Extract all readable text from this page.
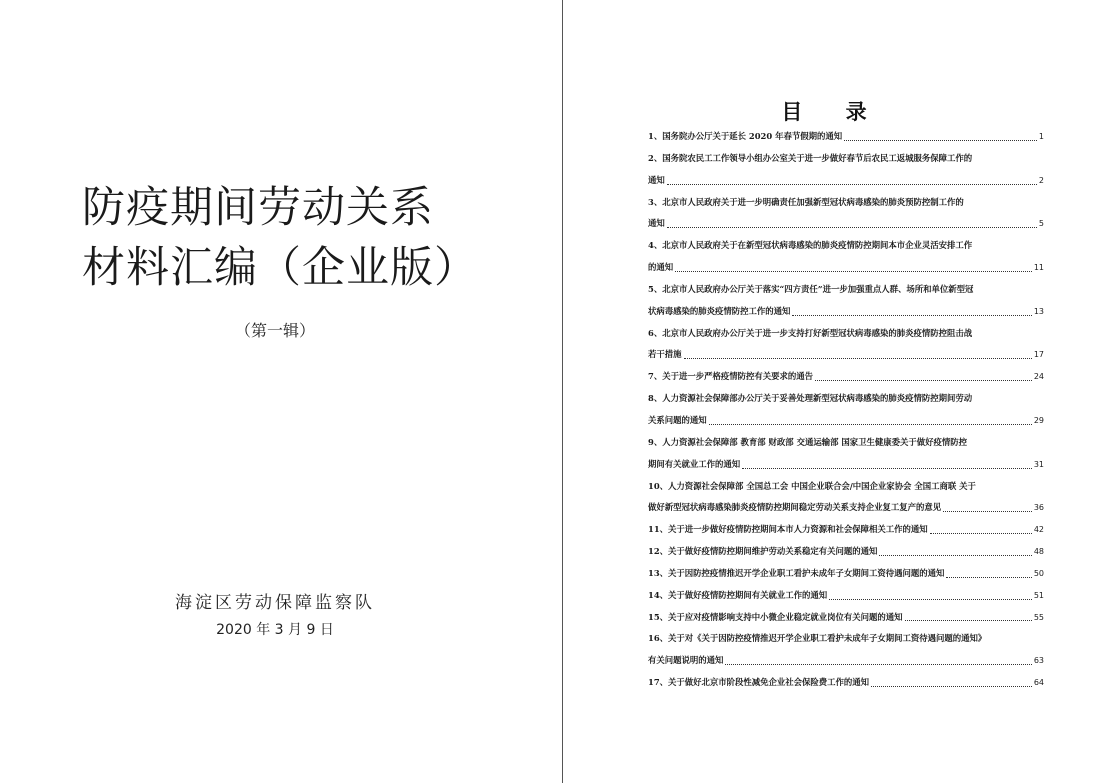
防疫期间劳动关系
材料汇编（企业版）
（第一辑）
海淀区劳动保障监察队
2020 年 3 月 9 日
目 录
1、国务院办公厅关于延长 2020 年春节假期的通知	1
2、国务院农民工工作领导小组办公室关于进一步做好春节后农民工返城服务保障工作的
通知	2
3、北京市人民政府关于进一步明确责任加强新型冠状病毒感染的肺炎预防控制工作的
通知	5
4、北京市人民政府关于在新型冠状病毒感染的肺炎疫情防控期间本市企业灵活安排工作
的通知	11
5、北京市人民政府办公厅关于落实“四方责任”进一步加强重点人群、场所和单位新型冠
状病毒感染的肺炎疫情防控工作的通知	13
6、北京市人民政府办公厅关于进一步支持打好新型冠状病毒感染的肺炎疫情防控阻击战
若干措施	17
7、关于进一步严格疫情防控有关要求的通告	24
8、人力资源社会保障部办公厅关于妥善处理新型冠状病毒感染的肺炎疫情防控期间劳动
关系问题的通知	29
9、人力资源社会保障部 教育部 财政部 交通运输部 国家卫生健康委关于做好疫情防控
期间有关就业工作的通知	31
10、人力资源社会保障部 全国总工会 中国企业联合会/中国企业家协会 全国工商联 关于
做好新型冠状病毒感染肺炎疫情防控期间稳定劳动关系支持企业复工复产的意见	36
11、关于进一步做好疫情防控期间本市人力资源和社会保障相关工作的通知	42
12、关于做好疫情防控期间维护劳动关系稳定有关问题的通知	48
13、关于因防控疫情推迟开学企业职工看护未成年子女期间工资待遇问题的通知	50
14、关于做好疫情防控期间有关就业工作的通知	51
15、关于应对疫情影响支持中小微企业稳定就业岗位有关问题的通知	55
16、关于对《关于因防控疫情推迟开学企业职工看护未成年子女期间工资待遇问题的通知》
有关问题说明的通知	63
17、关于做好北京市阶段性减免企业社会保险费工作的通知	64
